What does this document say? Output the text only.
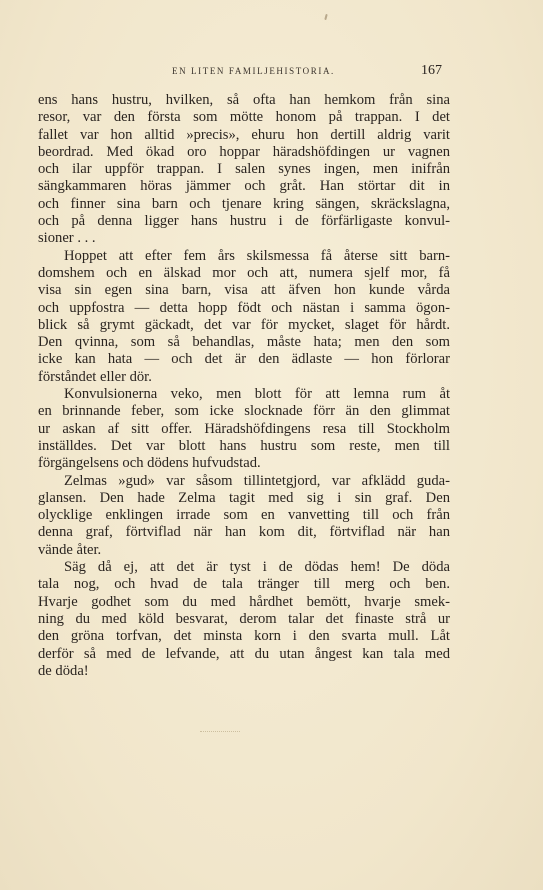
EN LITEN FAMILJEHISTORIA.	167
ens hans hustru, hvilken, så ofta han hemkom från sina
resor, var den första som mötte honom på trappan. I det
fallet var hon alltid »precis», ehuru hon dertill aldrig varit
beordrad. Med ökad oro hoppar häradshöfdingen ur vagnen
och ilar uppför trappan. I salen synes ingen, men inifrån
sängkammaren höras jämmer och gråt. Han störtar dit in
och finner sina barn och tjenare kring sängen, skräckslagna,
och på denna ligger hans hustru i de förfärligaste konvul-
sioner . . .
Hoppet att efter fem års skilsmessa få återse sitt barn-
domshem och en älskad mor och att, numera sjelf mor, få
visa sin egen sina barn, visa att äfven hon kunde vårda
och uppfostra — detta hopp födt och nästan i samma ögon-
blick så grymt gäckadt, det var för mycket, slaget för hårdt.
Den qvinna, som så behandlas, måste hata; men den som
icke kan hata — och det är den ädlaste — hon förlorar
förståndet eller dör.
Konvulsionerna veko, men blott för att lemna rum åt
en brinnande feber, som icke slocknade förr än den glimmat
ur askan af sitt offer. Häradshöfdingens resa till Stockholm
inställdes. Det var blott hans hustru som reste, men till
förgängelsens och dödens hufvudstad.
Zelmas »gud» var såsom tillintetgjord, var afklädd guda-
glansen. Den hade Zelma tagit med sig i sin graf. Den
olycklige enklingen irrade som en vanvetting till och från
denna graf, förtviflad när han kom dit, förtviflad när han
vände åter.
Säg då ej, att det är tyst i de dödas hem! De döda
tala nog, och hvad de tala tränger till merg och ben.
Hvarje godhet som du med hårdhet bemött, hvarje smek-
ning du med köld besvarat, derom talar det finaste strå ur
den gröna torfvan, det minsta korn i den svarta mull. Låt
derför så med de lefvande, att du utan ångest kan tala med
de döda!
